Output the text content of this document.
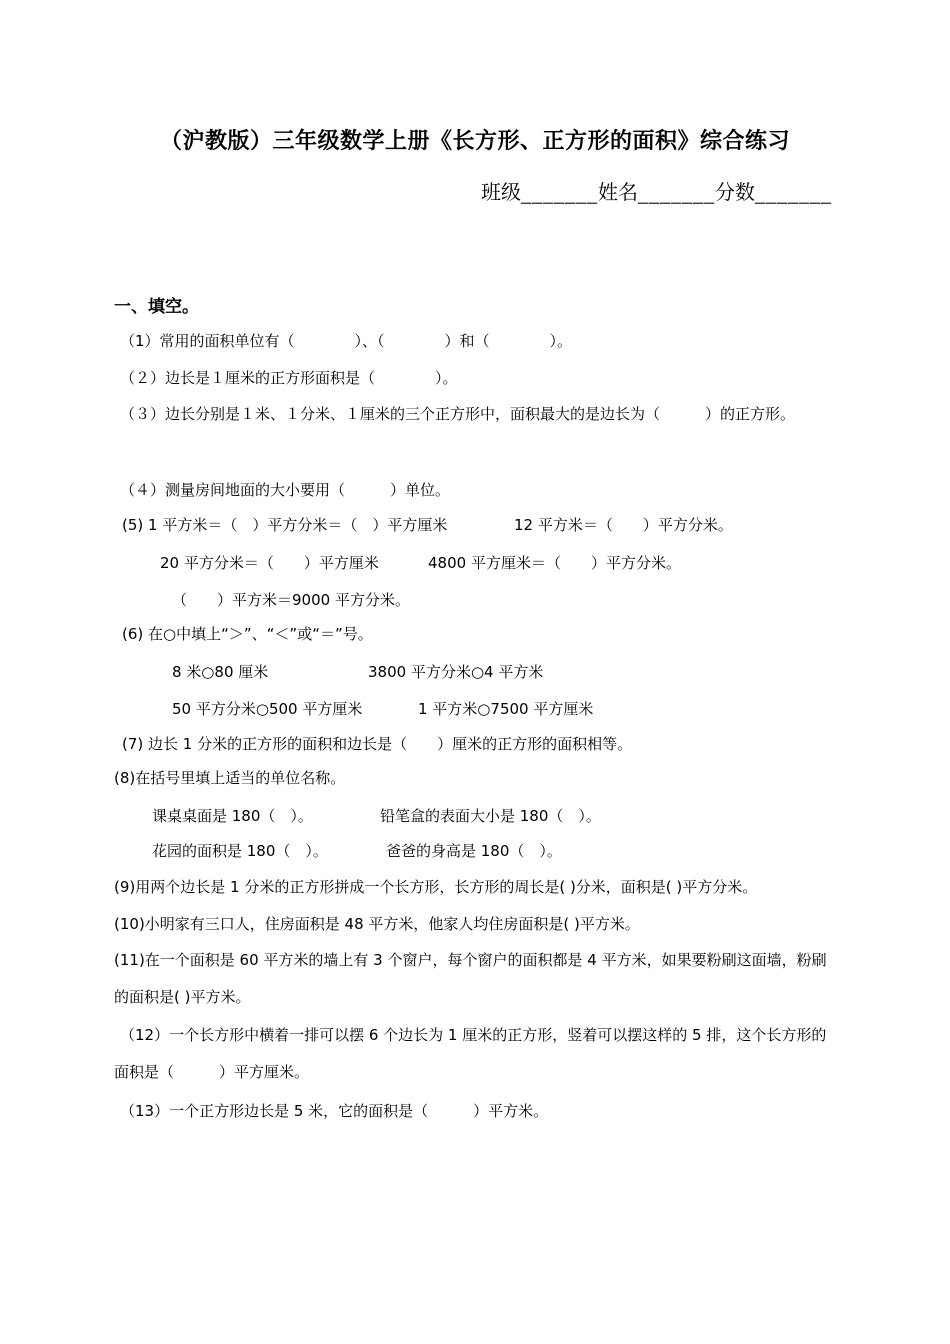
（沪教版）三年级数学上册《长方形、正方形的面积》综合练习
班级_______姓名_______分数_______
一、填空。
（1）常用的面积单位有（　　　　）、（　　　　）和（　　　　）。
（２）边长是１厘米的正方形面积是（　　　　）。
（３）边长分别是１米、１分米、１厘米的三个正方形中，面积最大的是边长为（　　　）的正方形。
（４）测量房间地面的大小要用（　　　）单位。
(5) 1 平方米＝（　）平方分米＝（　）平方厘米	12 平方米＝（　　）平方分米。
20 平方分米＝（　　）平方厘米	4800 平方厘米＝（　　）平方分米。
（　　）平方米＝9000 平方分米。
(6) 在○中填上“＞”、“＜”或“＝”号。
8 米○80 厘米	3800 平方分米○4 平方米
50 平方分米○500 平方厘米	1 平方米○7500 平方厘米
(7) 边长 1 分米的正方形的面积和边长是（　　）厘米的正方形的面积相等。
(8)在括号里填上适当的单位名称。
课桌桌面是 180（　）。	铅笔盒的表面大小是 180（　）。
花园的面积是 180（　）。	爸爸的身高是 180（　）。
(9)用两个边长是 1 分米的正方形拼成一个长方形，长方形的周长是( )分米，面积是( )平方分米。
(10)小明家有三口人，住房面积是 48 平方米，他家人均住房面积是( )平方米。
(11)在一个面积是 60 平方米的墙上有 3 个窗户，每个窗户的面积都是 4 平方米，如果要粉刷这面墙，粉刷的面积是( )平方米。
（12）一个长方形中横着一排可以摆 6 个边长为 1 厘米的正方形，竖着可以摆这样的 5 排，这个长方形的面积是（　　　）平方厘米。
（13）一个正方形边长是 5 米，它的面积是（　　　）平方米。
